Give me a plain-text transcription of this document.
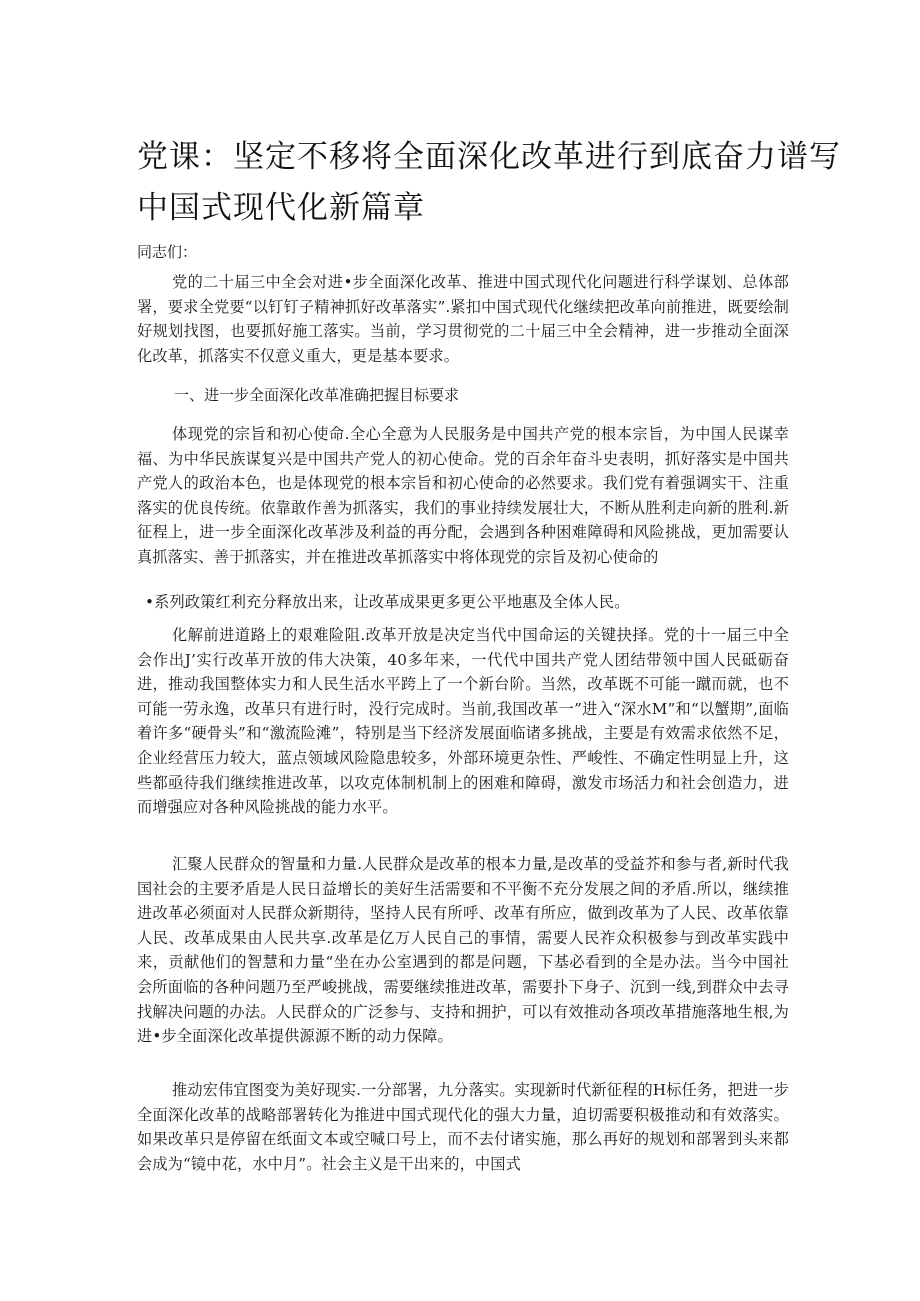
党课：坚定不移将全面深化改革进行到底奋力谱写
中国式现代化新篇章

同志们：

党的二十届三中全会对进•步全面深化改革、推进中国式现代化问题进行科学谋划、总体部署，要求全党要“以钉钉子精神抓好改革落实”.紧扣中国式现代化继续把改革向前推进，既要绘制好规划找图，也要抓好施工落实。当前，学习贯彻党的二十届三中全会精神，进一步推动全面深化改革，抓落实不仅意义重大，更是基本要求。

一、进一步全面深化改革准确把握目标要求

体现党的宗旨和初心使命.全心全意为人民服务是中国共产党的根本宗旨，为中国人民谋幸福、为中华民族谋复兴是中国共产党人的初心使命。党的百余年奋斗史表明，抓好落实是中国共产党人的政治本色，也是体现党的根本宗旨和初心使命的必然要求。我们党有着强调实干、注重落实的优良传统。依靠敢作善为抓落实，我们的事业持续发展壮大，不断从胜利走向新的胜利.新征程上，进一步全面深化改革涉及利益的再分配，会遇到各种困难障碍和风险挑战，更加需要认真抓落实、善于抓落实，并在推进改革抓落实中将体现党的宗旨及初心使命的

•系列政策红利充分释放出来，让改革成果更多更公平地惠及全体人民。

化解前进道路上的艰难险阻.改革开放是决定当代中国命运的关键抉择。党的十一届三中全会作出J’实行改革开放的伟大决策，40多年来，一代代中国共产党人团结带领中国人民砥砺奋进，推动我国整体实力和人民生活水平跨上了一个新台阶。当然，改革既不可能一蹴而就，也不可能一劳永逸，改革只有进行时，没行完成时。当前,我国改革一”进入“深水M”和“以蟹期”,面临着许多“硬骨头”和“激流险滩”，特别是当下经济发展面临诸多挑战，主要是有效需求依然不足，企业经营压力较大，蓝点领域风险隐患较多，外部环境更杂性、严峻性、不确定性明显上升，这些都亟待我们继续推进改革，以攻克体制机制上的困难和障碍，激发市场活力和社会创造力，进而增强应对各种风险挑战的能力水平。

汇聚人民群众的智量和力量.人民群众是改革的根本力量,是改革的受益芥和参与者,新时代我国社会的主要矛盾是人民日益增长的美好生活需要和不平衡不充分发展之间的矛盾.所以，继续推进改革必须面对人民群众新期待，坚持人民有所呼、改革有所应，做到改革为了人民、改革依靠人民、改革成果由人民共享.改革是亿万人民自己的事情，需要人民祚众积极参与到改革实践中来，贡献他们的智慧和力量“坐在办公室遇到的都是问题，下基必看到的全是办法。当今中国社会所面临的各种问题乃至严峻挑战，需要继续推进改革，需要扑下身子、沉到一线,到群众中去寻找解决问题的办法。人民群众的广泛参与、支持和拥护，可以有效推动各项改革措施落地生根,为进•步全面深化改革提供源源不断的动力保障。

推动宏伟宜图变为美好现实.一分部署，九分落实。实现新时代新征程的H标任务，把进一步全面深化改革的战略部署转化为推进中国式现代化的强大力量，迫切需要积极推动和有效落实。如果改革只是停留在纸面文本或空喊口号上，而不去付诸实施，那么再好的规划和部署到头来都会成为“镜中花，水中月”。社会主义是干出来的，中国式
